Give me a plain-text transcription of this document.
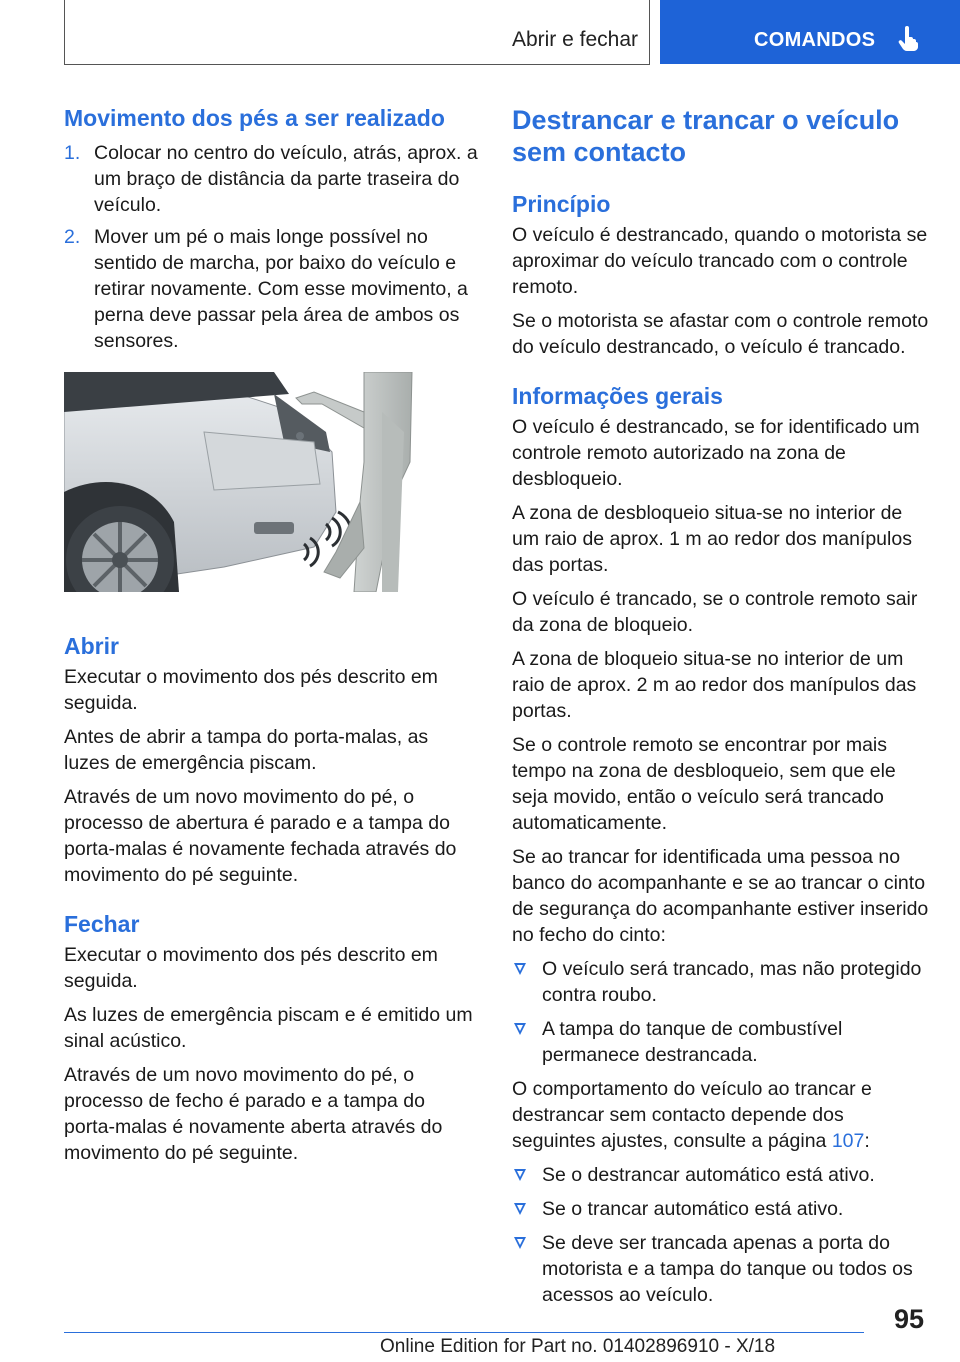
Abrir e fechar	COMANDOS
Movimento dos pés a ser realizado
1. Colocar no centro do veículo, atrás, aprox. a um braço de distância da parte traseira do veículo.
2. Mover um pé o mais longe possível no sentido de marcha, por baixo do veículo e retirar novamente. Com esse movimento, a perna deve passar pela área de ambos os sensores.
Abrir

Executar o movimento dos pés descrito em seguida.

Antes de abrir a tampa do porta-malas, as luzes de emergência piscam.

Através de um novo movimento do pé, o processo de abertura é parado e a tampa do porta-malas é novamente fechada através do movimento do pé seguinte.

Fechar

Executar o movimento dos pés descrito em seguida.

As luzes de emergência piscam e é emitido um sinal acústico.

Através de um novo movimento do pé, o processo de fecho é parado e a tampa do porta-malas é novamente aberta através do movimento do pé seguinte.

Destrancar e trancar o veículo sem contacto
Princípio

O veículo é destrancado, quando o motorista se aproximar do veículo trancado com o controle remoto.

Se o motorista se afastar com o controle remoto do veículo destrancado, o veículo é trancado.

Informações gerais

O veículo é destrancado, se for identificado um controle remoto autorizado na zona de desbloqueio.

A zona de desbloqueio situa-se no interior de um raio de aprox. 1 m ao redor dos manípulos das portas.

O veículo é trancado, se o controle remoto sair da zona de bloqueio.

A zona de bloqueio situa-se no interior de um raio de aprox. 2 m ao redor dos manípulos das portas.

Se o controle remoto se encontrar por mais tempo na zona de desbloqueio, sem que ele seja movido, então o veículo será trancado automaticamente.

Se ao trancar for identificada uma pessoa no banco do acompanhante e se ao trancar o cinto de segurança do acompanhante estiver inserido no fecho do cinto:

O veículo será trancado, mas não protegido contra roubo.
A tampa do tanque de combustível permanece destrancada.

O comportamento do veículo ao trancar e destrancar sem contacto depende dos seguintes ajustes, consulte a página 107:

Se o destrancar automático está ativo.
Se o trancar automático está ativo.
Se deve ser trancada apenas a porta do motorista e a tampa do tanque ou todos os acessos ao veículo.
95
Online Edition for Part no. 01402896910 - X/18
